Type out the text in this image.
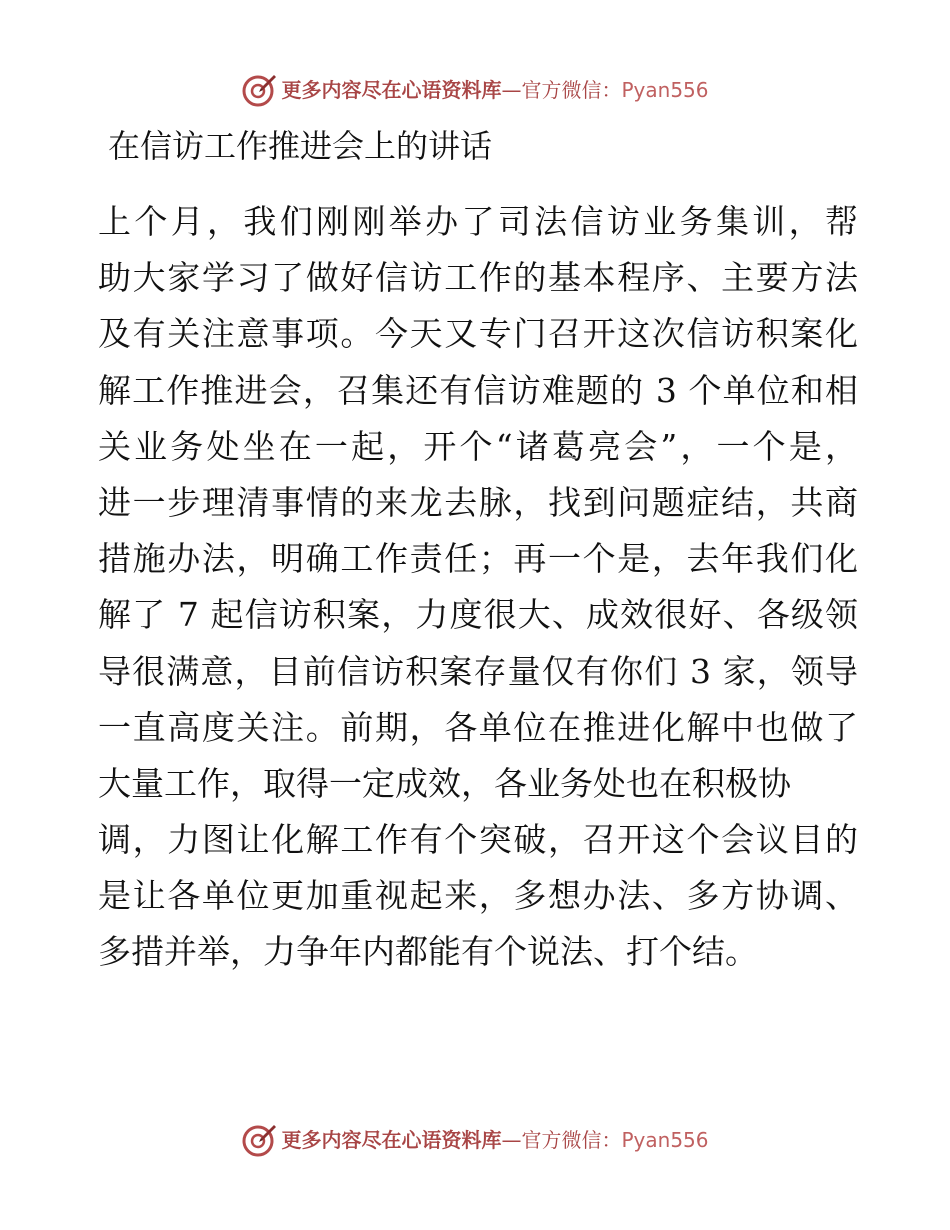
更多内容尽在心语资料库—官方微信：Pyan556
在信访工作推进会上的讲话
上个月，我们刚刚举办了司法信访业务集训，帮
助大家学习了做好信访工作的基本程序、主要方法
及有关注意事项。今天又专门召开这次信访积案化
解工作推进会，召集还有信访难题的 3 个单位和相
关业务处坐在一起，开个“诸葛亮会”，一个是，
进一步理清事情的来龙去脉，找到问题症结，共商
措施办法，明确工作责任；再一个是，去年我们化
解了 7 起信访积案，力度很大、成效很好、各级领
导很满意，目前信访积案存量仅有你们 3 家，领导
一直高度关注。前期，各单位在推进化解中也做了
大量工作，取得一定成效，各业务处也在积极协
调，力图让化解工作有个突破，召开这个会议目的
是让各单位更加重视起来，多想办法、多方协调、
多措并举，力争年内都能有个说法、打个结。
更多内容尽在心语资料库—官方微信：Pyan556
